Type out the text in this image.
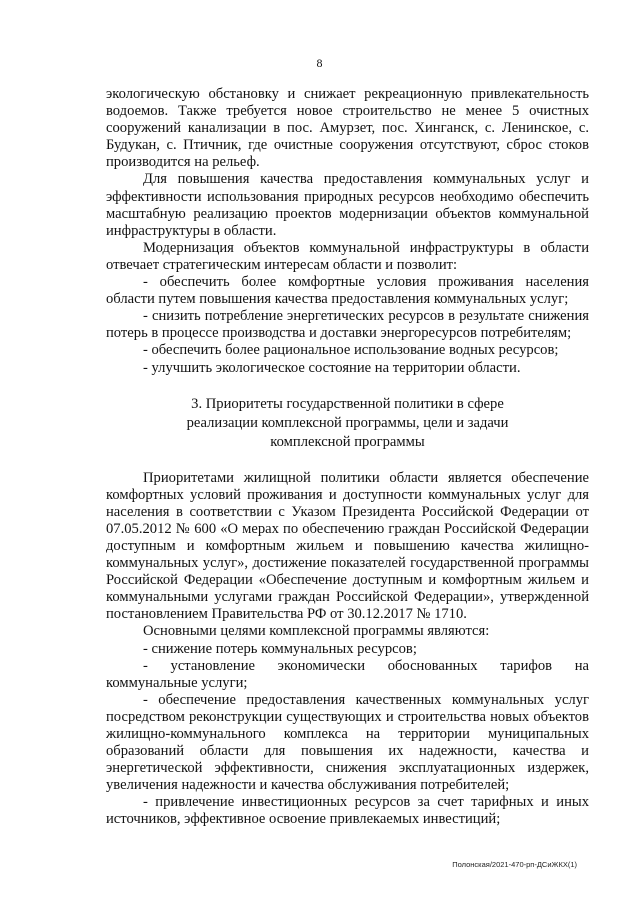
8

экологическую обстановку и снижает рекреационную привлекательность водоемов. Также требуется новое строительство не менее 5 очистных сооружений канализации в пос. Амурзет, пос. Хинганск, с. Ленинское, с. Будукан, с. Птичник, где очистные сооружения отсутствуют, сброс стоков производится на рельеф.

Для повышения качества предоставления коммунальных услуг и эффективности использования природных ресурсов необходимо обеспечить масштабную реализацию проектов модернизации объектов коммунальной инфраструктуры в области.

Модернизация объектов коммунальной инфраструктуры в области отвечает стратегическим интересам области и позволит:

- обеспечить более комфортные условия проживания населения области путем повышения качества предоставления коммунальных услуг;

- снизить потребление энергетических ресурсов в результате снижения потерь в процессе производства и доставки энергоресурсов потребителям;

- обеспечить более рациональное использование водных ресурсов;

- улучшить экологическое состояние на территории области.

3. Приоритеты государственной политики в сфере
реализации комплексной программы, цели и задачи
комплексной программы

Приоритетами жилищной политики области является обеспечение комфортных условий проживания и доступности коммунальных услуг для населения в соответствии с Указом Президента Российской Федерации от 07.05.2012 № 600 «О мерах по обеспечению граждан Российской Федерации доступным и комфортным жильем и повышению качества жилищно-коммунальных услуг», достижение показателей государственной программы Российской Федерации «Обеспечение доступным и комфортным жильем и коммунальными услугами граждан Российской Федерации», утвержденной постановлением Правительства РФ от 30.12.2017 № 1710.

Основными целями комплексной программы являются:

- снижение потерь коммунальных ресурсов;

- установление экономически обоснованных тарифов на коммунальные услуги;

- обеспечение предоставления качественных коммунальных услуг посредством реконструкции существующих и строительства новых объектов жилищно-коммунального комплекса на территории муниципальных образований области для повышения их надежности, качества и энергетической эффективности, снижения эксплуатационных издержек, увеличения надежности и качества обслуживания потребителей;

- привлечение инвестиционных ресурсов за счет тарифных и иных источников, эффективное освоение привлекаемых инвестиций;

Полонская/2021-470-рп-ДСиЖКХ(1)
